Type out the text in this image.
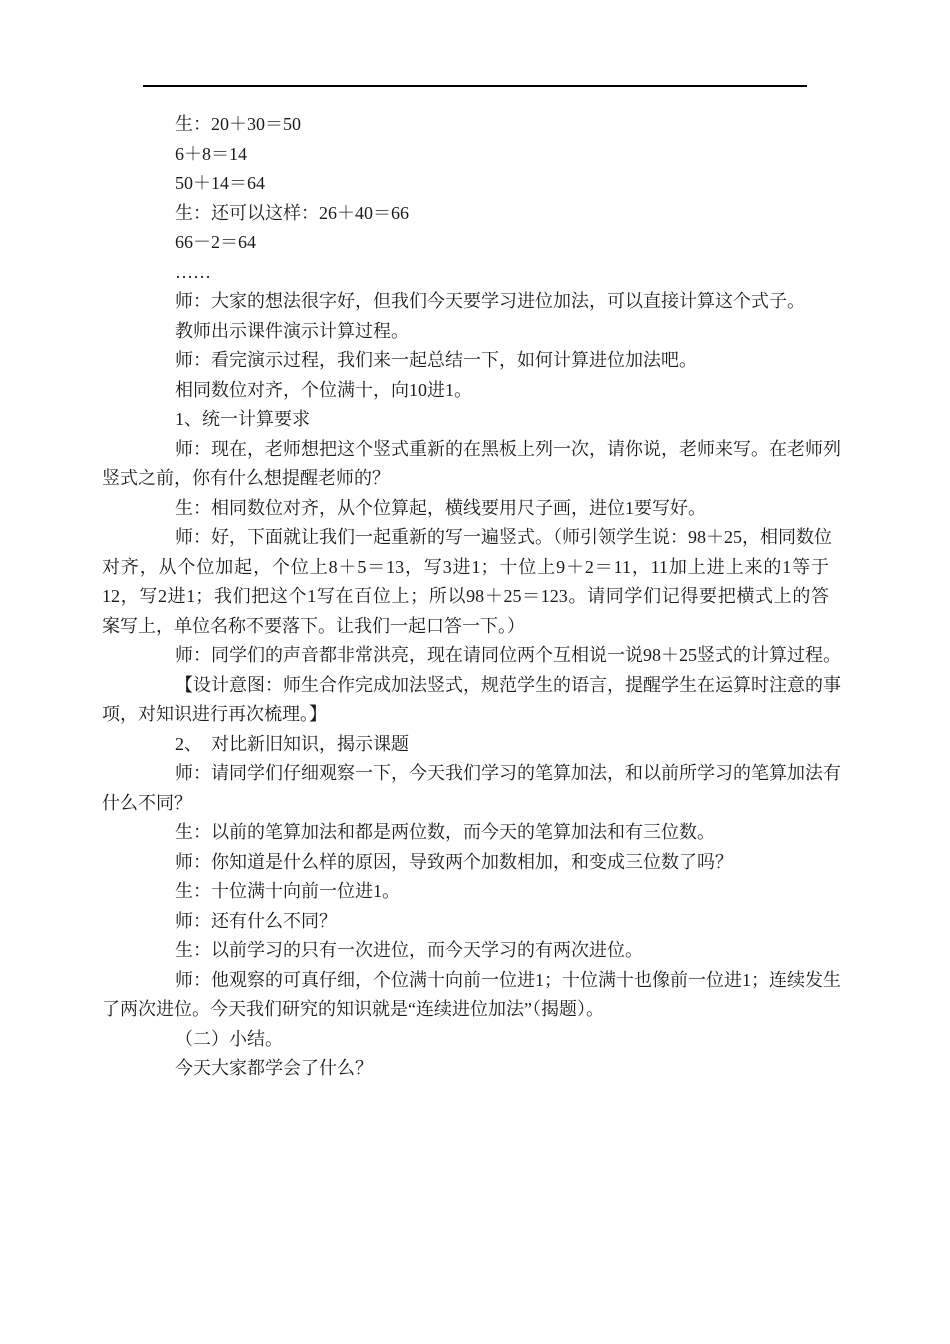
生：20＋30＝50
6＋8＝14
50＋14＝64
生：还可以这样：26＋40＝66
66－2＝64
……
师：大家的想法很字好，但我们今天要学习进位加法，可以直接计算这个式子。
教师出示课件演示计算过程。
师：看完演示过程，我们来一起总结一下，如何计算进位加法吧。
相同数位对齐，个位满十，向10进1。
1、统一计算要求
师：现在，老师想把这个竖式重新的在黑板上列一次，请你说，老师来写。在老师列
竖式之前，你有什么想提醒老师的？
生：相同数位对齐，从个位算起，横线要用尺子画，进位1要写好。
师：好，下面就让我们一起重新的写一遍竖式。（师引领学生说：98＋25，相同数位
对齐，从个位加起，个位上8＋5＝13，写3进1；十位上9＋2＝11，11加上进上来的1等于
12，写2进1；我们把这个1写在百位上；所以98＋25＝123。请同学们记得要把横式上的答
案写上，单位名称不要落下。让我们一起口答一下。）
师：同学们的声音都非常洪亮，现在请同位两个互相说一说98＋25竖式的计算过程。
【设计意图：师生合作完成加法竖式，规范学生的语言，提醒学生在运算时注意的事
项，对知识进行再次梳理。】
2、　对比新旧知识，揭示课题
师：请同学们仔细观察一下，今天我们学习的笔算加法，和以前所学习的笔算加法有
什么不同？
生：以前的笔算加法和都是两位数，而今天的笔算加法和有三位数。
师：你知道是什么样的原因，导致两个加数相加，和变成三位数了吗？
生：十位满十向前一位进1。
师：还有什么不同？
生：以前学习的只有一次进位，而今天学习的有两次进位。
师：他观察的可真仔细，个位满十向前一位进1；十位满十也像前一位进1；连续发生
了两次进位。今天我们研究的知识就是“连续进位加法”（揭题）。
（二）小结。
今天大家都学会了什么？
